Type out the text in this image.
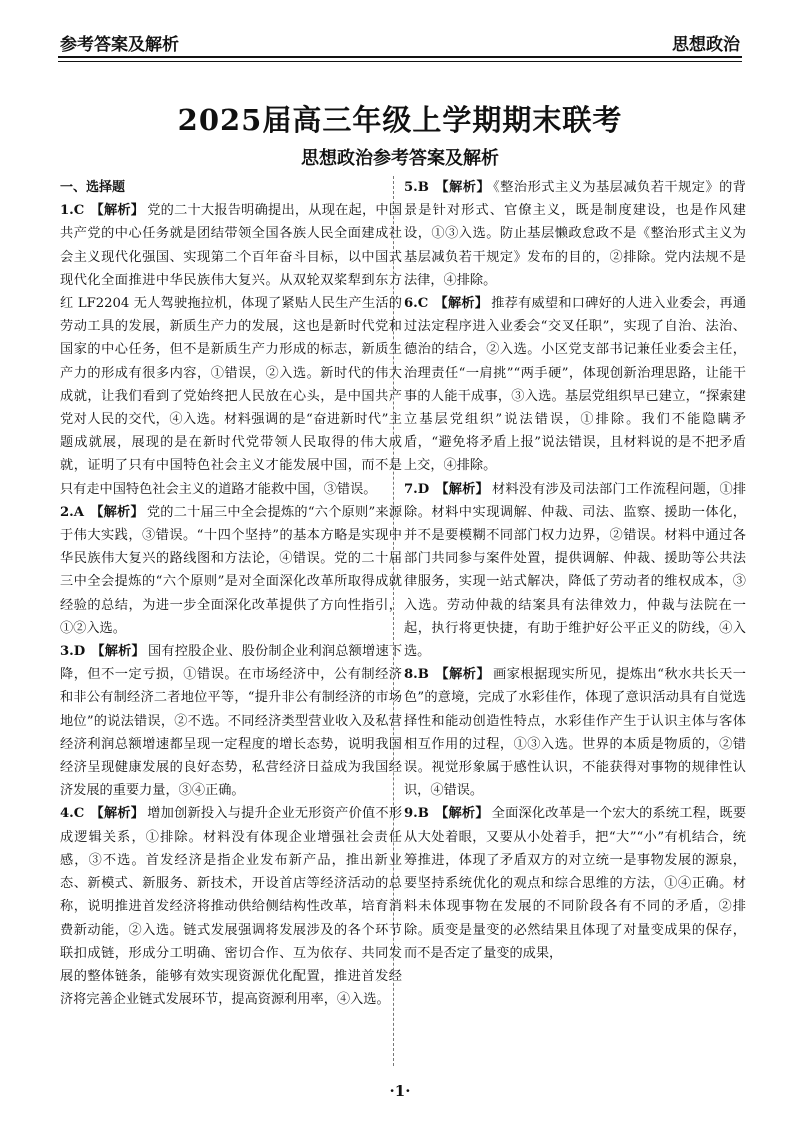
参考答案及解析	思想政治
2025届高三年级上学期期末联考
思想政治参考答案及解析
一、选择题

1.C 【解析】 党的二十大报告明确提出，从现在起，中国共产党的中心任务就是团结带领全国各族人民全面建成社会主义现代化强国、实现第二个百年奋斗目标，以中国式现代化全面推进中华民族伟大复兴。从双轮双桨犁到东方红 LF2204 无人驾驶拖拉机，体现了紧贴人民生产生活的劳动工具的发展，新质生产力的发展，这也是新时代党和国家的中心任务，但不是新质生产力形成的标志，新质生产力的形成有很多内容，①错误，②入选。新时代的伟大成就，让我们看到了党始终把人民放在心头，是中国共产党对人民的交代，④入选。材料强调的是“奋进新时代”主题成就展，展现的是在新时代党带领人民取得的伟大成就，证明了只有中国特色社会主义才能发展中国，而不是只有走中国特色社会主义的道路才能救中国，③错误。

2.A 【解析】 党的二十届三中全会提炼的“六个原则”来源于伟大实践，③错误。“十四个坚持”的基本方略是实现中华民族伟大复兴的路线图和方法论，④错误。党的二十届三中全会提炼的“六个原则”是对全面深化改革所取得成就经验的总结，为进一步全面深化改革提供了方向性指引，①②入选。

3.D 【解析】 国有控股企业、股份制企业利润总额增速下降，但不一定亏损，①错误。在市场经济中，公有制经济和非公有制经济二者地位平等，“提升非公有制经济的市场地位”的说法错误，②不选。不同经济类型营业收入及私营经济利润总额增速都呈现一定程度的增长态势，说明我国经济呈现健康发展的良好态势，私营经济日益成为我国经济发展的重要力量，③④正确。

4.C 【解析】 增加创新投入与提升企业无形资产价值不形成逻辑关系，①排除。材料没有体现企业增强社会责任感，③不选。首发经济是指企业发布新产品，推出新业态、新模式、新服务、新技术，开设首店等经济活动的总称，说明推进首发经济将推动供给侧结构性改革，培育消费新动能，②入选。链式发展强调将发展涉及的各个环节联扣成链，形成分工明确、密切合作、互为依存、共同发展的整体链条，能够有效实现资源优化配置，推进首发经济将完善企业链式发展环节，提高资源利用率，④入选。

5.B 【解析】 《整治形式主义为基层减负若干规定》的背景是针对形式、官僚主义，既是制度建设，也是作风建设，①③入选。防止基层懒政怠政不是《整治形式主义为基层减负若干规定》发布的目的，②排除。党内法规不是法律，④排除。

6.C 【解析】 推荐有威望和口碑好的人进入业委会，再通过法定程序进入业委会“交叉任职”，实现了自治、法治、德治的结合，②入选。小区党支部书记兼任业委会主任，治理责任“一肩挑”“两手硬”，体现创新治理思路，让能干事的人能干成事，③入选。基层党组织早已建立，“探索建立基层党组织”说法错误，①排除。我们不能隐瞒矛盾，“避免将矛盾上报”说法错误，且材料说的是不把矛盾上交，④排除。

7.D 【解析】 材料没有涉及司法部门工作流程问题，①排除。材料中实现调解、仲裁、司法、监察、援助一体化，并不是要模糊不同部门权力边界，②错误。材料中通过各部门共同参与案件处置，提供调解、仲裁、援助等公共法律服务，实现一站式解决，降低了劳动者的维权成本，③入选。劳动仲裁的结案具有法律效力，仲裁与法院在一起，执行将更快捷，有助于维护好公平正义的防线，④入选。

8.B 【解析】 画家根据现实所见，提炼出“秋水共长天一色”的意境，完成了水彩佳作，体现了意识活动具有自觉选择性和能动创造性特点，水彩佳作产生于认识主体与客体相互作用的过程，①③入选。世界的本质是物质的，②错误。视觉形象属于感性认识，不能获得对事物的规律性认识，④错误。

9.B 【解析】 全面深化改革是一个宏大的系统工程，既要从大处着眼，又要从小处着手，把“大”“小”有机结合，统筹推进，体现了矛盾双方的对立统一是事物发展的源泉，要坚持系统优化的观点和综合思维的方法，①④正确。材料未体现事物在发展的不同阶段各有不同的矛盾，②排除。质变是量变的必然结果且体现了对量变成果的保存，而不是否定了量变的成果，

·1·
